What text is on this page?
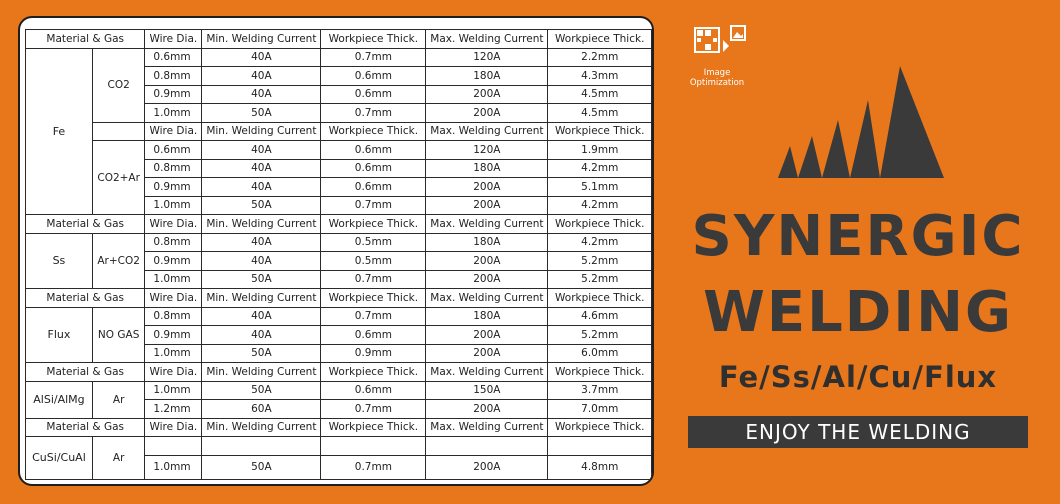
Material & Gas		Wire Dia.	Min. Welding Current	Workpiece Thick.	Max. Welding Current	Workpiece Thick.
Fe	CO2	0.6mm	40A	0.7mm	120A	2.2mm
		0.8mm	40A	0.6mm	180A	4.3mm
		0.9mm	40A	0.6mm	200A	4.5mm
		1.0mm	50A	0.7mm	200A	4.5mm
		Wire Dia.	Min. Welding Current	Workpiece Thick.	Max. Welding Current	Workpiece Thick.
	CO2+Ar	0.6mm	40A	0.6mm	120A	1.9mm
		0.8mm	40A	0.6mm	180A	4.2mm
		0.9mm	40A	0.6mm	200A	5.1mm
		1.0mm	50A	0.7mm	200A	4.2mm
Material & Gas		Wire Dia.	Min. Welding Current	Workpiece Thick.	Max. Welding Current	Workpiece Thick.
Ss	Ar+CO2	0.8mm	40A	0.5mm	180A	4.2mm
		0.9mm	40A	0.5mm	200A	5.2mm
		1.0mm	50A	0.7mm	200A	5.2mm
Material & Gas		Wire Dia.	Min. Welding Current	Workpiece Thick.	Max. Welding Current	Workpiece Thick.
Flux	NO GAS	0.8mm	40A	0.7mm	180A	4.6mm
		0.9mm	40A	0.6mm	200A	5.2mm
		1.0mm	50A	0.9mm	200A	6.0mm
Material & Gas		Wire Dia.	Min. Welding Current	Workpiece Thick.	Max. Welding Current	Workpiece Thick.
AlSi/AlMg	Ar	1.0mm	50A	0.6mm	150A	3.7mm
		1.2mm	60A	0.7mm	200A	7.0mm
Material & Gas		Wire Dia.	Min. Welding Current	Workpiece Thick.	Max. Welding Current	Workpiece Thick.
CuSi/CuAl	Ar					
		1.0mm	50A	0.7mm	200A	4.8mm
Image Optimization
SYNERGIC
WELDING
Fe/Ss/Al/Cu/Flux
ENJOY THE WELDING
